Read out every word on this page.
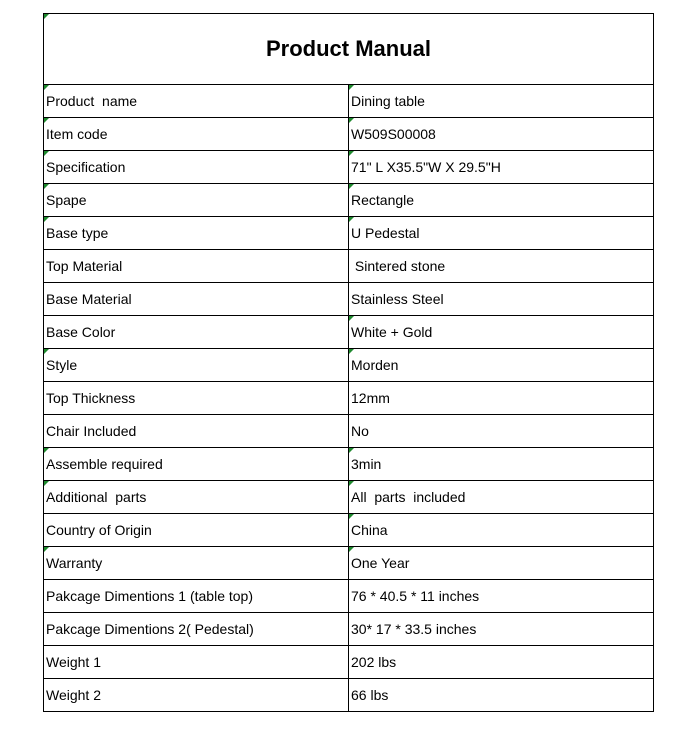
Product Manual	
Product  name	Dining table
Item code	W509S00008
Specification	71" L X35.5"W X 29.5"H
Spape	Rectangle
Base type	U Pedestal
Top Material	Sintered stone
Base Material	Stainless Steel
Base Color	White + Gold
Style	Morden
Top Thickness	12mm
Chair Included	No
Assemble required	3min
Additional  parts	All  parts  included
Country of Origin	China
Warranty	One Year
Pakcage Dimentions 1 (table top)	76 * 40.5 * 11 inches
Pakcage Dimentions 2( Pedestal)	30* 17 * 33.5 inches
Weight 1	202 lbs
Weight 2	66 lbs
